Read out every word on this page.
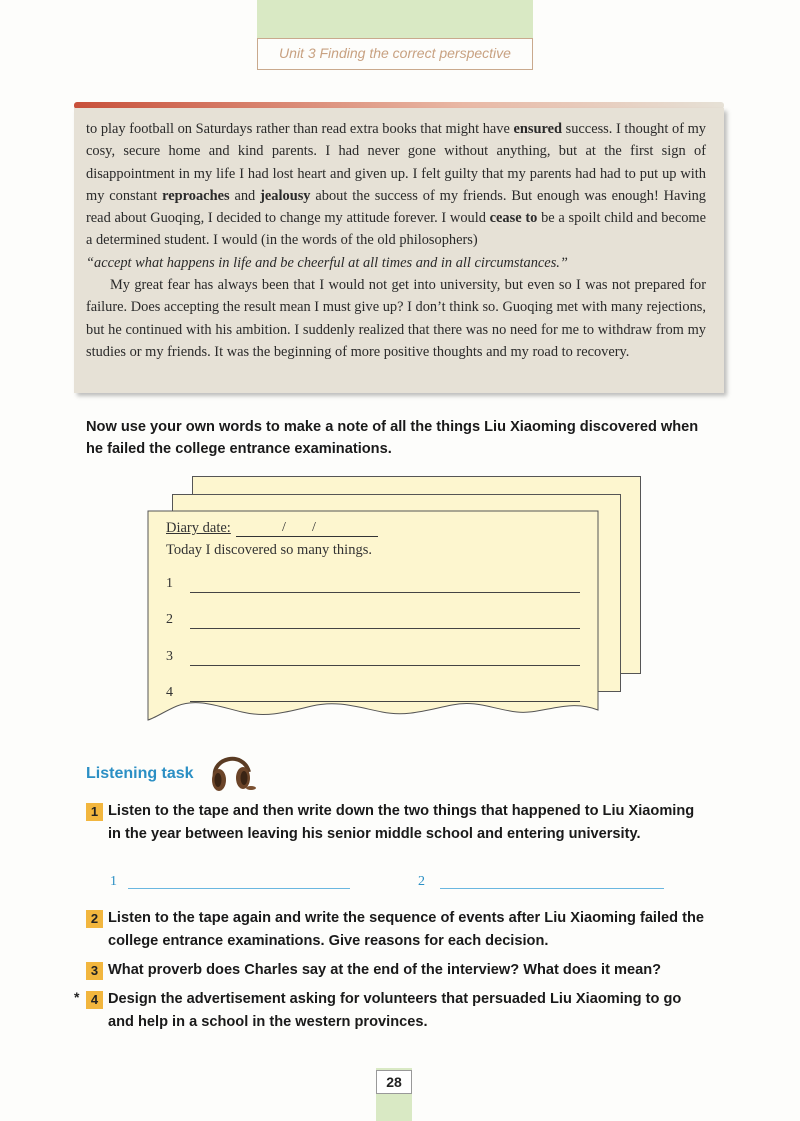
Unit 3 Finding the correct perspective

to play football on Saturdays rather than read extra books that might have ensured success. I thought of my cosy, secure home and kind parents. I had never gone without anything, but at the first sign of disappointment in my life I had lost heart and given up. I felt guilty that my parents had had to put up with my constant reproaches and jealousy about the success of my friends. But enough was enough! Having read about Guoqing, I decided to change my attitude forever. I would cease to be a spoilt child and become a determined student. I would (in the words of the old philosophers)

“accept what happens in life and be cheerful at all times and in all circumstances.”

My great fear has always been that I would not get into university, but even so I was not prepared for failure. Does accepting the result mean I must give up? I don’t think so. Guoqing met with many rejections, but he continued with his ambition. I suddenly realized that there was no need for me to withdraw from my studies or my friends. It was the beginning of more positive thoughts and my road to recovery.

Now use your own words to make a note of all the things Liu Xiaoming discovered when he failed the college entrance examinations.
Diary date:	/ /
Today I discovered so many things.
1
2
3
4
Listening task
1 Listen to the tape and then write down the two things that happened to Liu Xiaoming in the year between leaving his senior middle school and entering university.
1	2
2 Listen to the tape again and write the sequence of events after Liu Xiaoming failed the college entrance examinations. Give reasons for each decision.
3 What proverb does Charles say at the end of the interview? What does it mean?
* 4 Design the advertisement asking for volunteers that persuaded Liu Xiaoming to go and help in a school in the western provinces.
28
